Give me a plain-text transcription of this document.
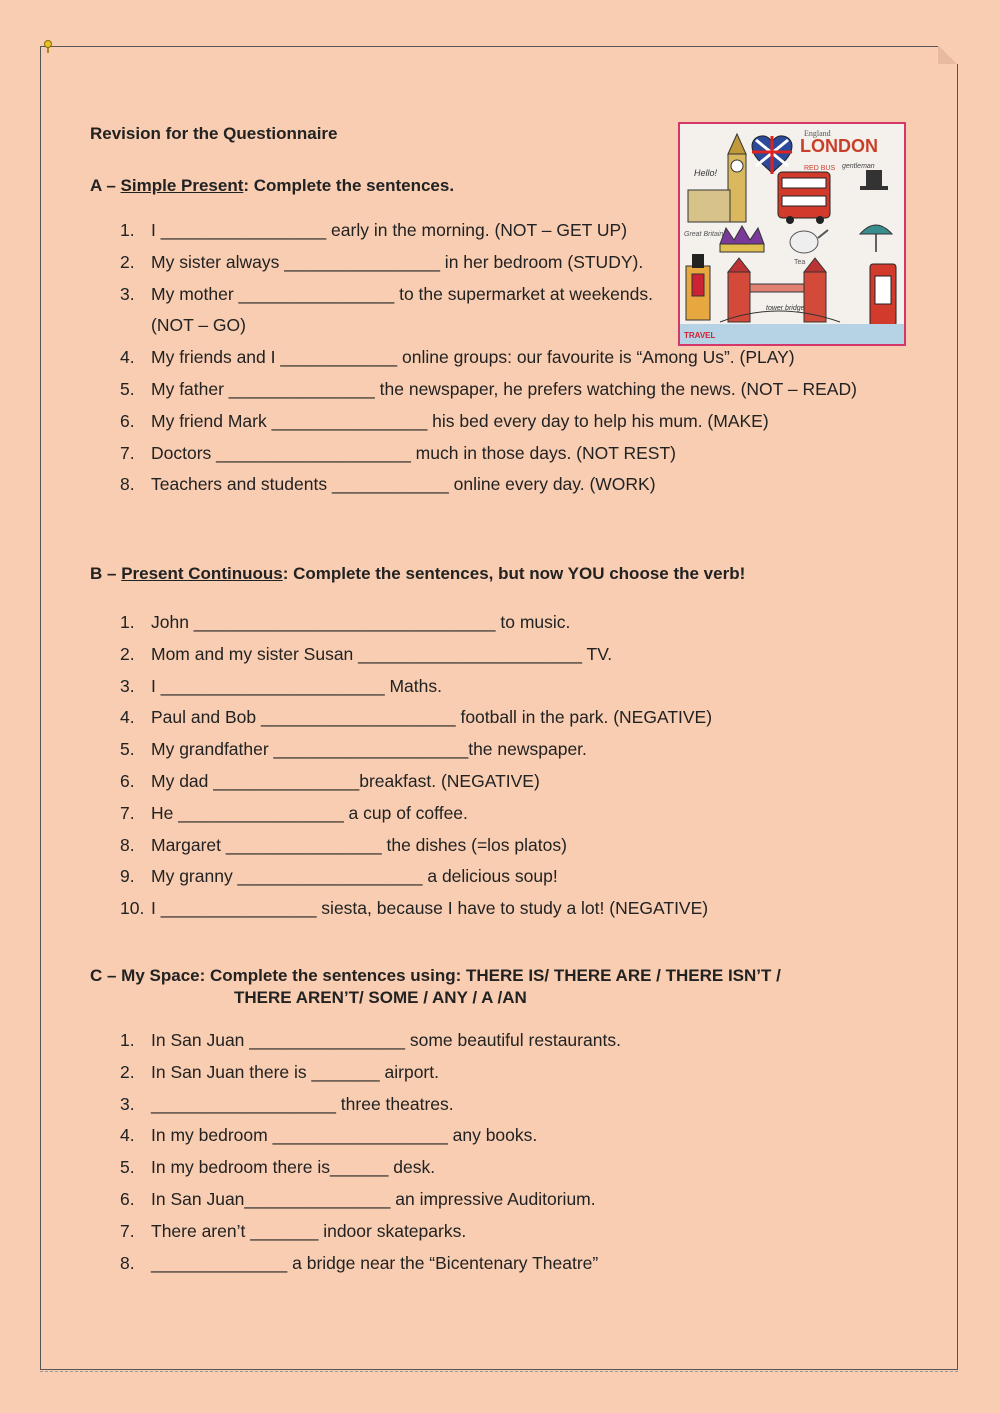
England
LONDON
Hello!	RED BUS gentleman
Great Britain
Tea
tower bridge
TRAVEL
Revision for the Questionnaire
A – Simple Present: Complete the sentences.
1. I _________________ early in the morning. (NOT – GET UP)
2. My sister always ________________ in her bedroom (STUDY).
3. My mother ________________ to the supermarket at weekends. (NOT – GO)
4. My friends and I ____________ online groups: our favourite is “Among Us”. (PLAY)
5. My father _______________ the newspaper, he prefers watching the news. (NOT – READ)
6. My friend Mark ________________ his bed every day to help his mum. (MAKE)
7. Doctors ____________________ much in those days. (NOT REST)
8. Teachers and students ____________ online every day. (WORK)
B – Present Continuous: Complete the sentences, but now YOU choose the verb!
1. John _______________________________ to music.
2. Mom and my sister Susan _______________________ TV.
3. I _______________________ Maths.
4. Paul and Bob ____________________ football in the park. (NEGATIVE)
5. My grandfather ____________________the newspaper.
6. My dad _______________breakfast. (NEGATIVE)
7. He _________________ a cup of coffee.
8. Margaret ________________ the dishes (=los platos)
9. My granny ___________________ a delicious soup!
10. I ________________ siesta, because I have to study a lot! (NEGATIVE)
C – My Space: Complete the sentences using: THERE IS/ THERE ARE / THERE ISN’T /
THERE AREN’T/ SOME / ANY / A /AN
1. In San Juan ________________ some beautiful restaurants.
2. In San Juan there is _______ airport.
3. ___________________ three theatres.
4. In my bedroom __________________ any books.
5. In my bedroom there is______ desk.
6. In San Juan_______________ an impressive Auditorium.
7. There aren’t _______ indoor skateparks.
8. ______________ a bridge near the “Bicentenary Theatre”
